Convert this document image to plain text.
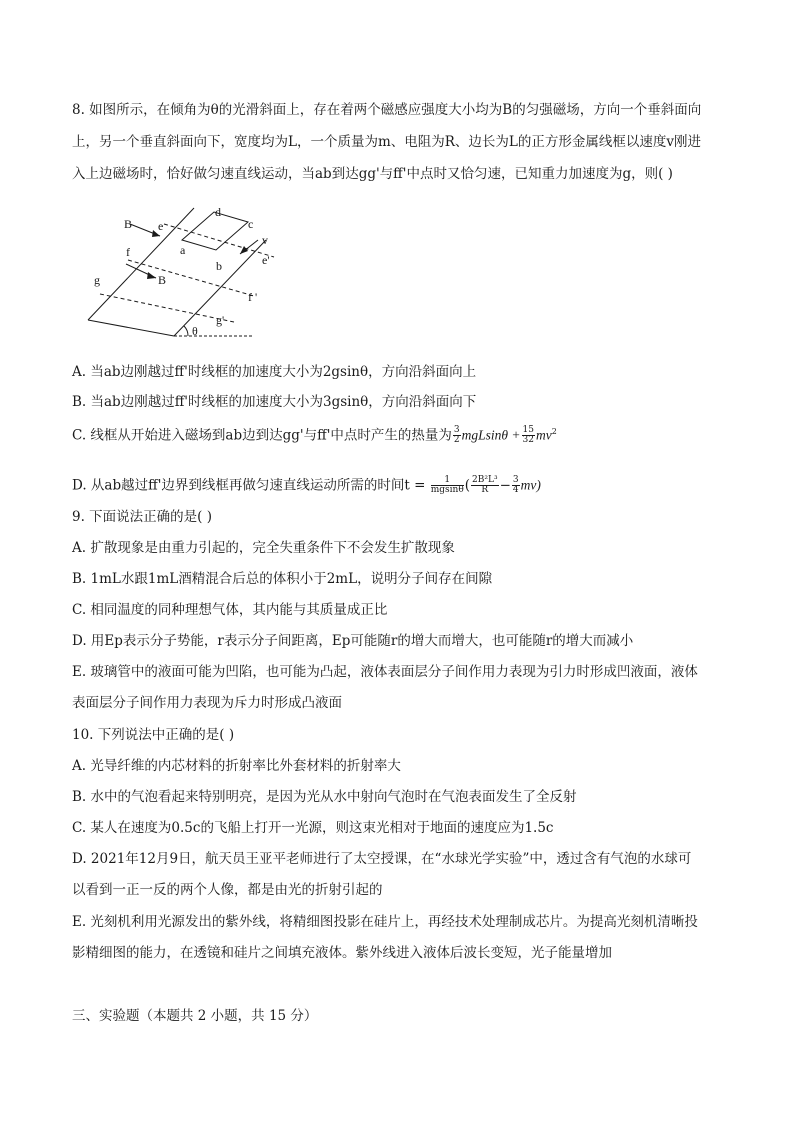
8. 如图所示，在倾角为θ的光滑斜面上，存在着两个磁感应强度大小均为B的匀强磁场，方向一个垂斜面向
上，另一个垂直斜面向下，宽度均为L，一个质量为m、电阻为R、边长为L的正方形金属线框以速度v刚进
入上边磁场时，恰好做匀速直线运动，当ab到达gg'与ff'中点时又恰匀速，已知重力加速度为g，则( )
B e
d
c
v
a
b	e'
f
g	B
f '
g'
θ
A. 当ab边刚越过ff'时线框的加速度大小为2gsinθ，方向沿斜面向上
B. 当ab边刚越过ff'时线框的加速度大小为3gsinθ，方向沿斜面向下
C. 线框从开始进入磁场到ab边到达gg'与ff'中点时产生的热量为 $\frac{3}{2}$ $mgLsin\theta + \frac{15}{32} mv^2$
D. 从ab越过ff'边界到线框再做匀速直线运动所需的时间$t = \frac{1}{mgsin\theta}$ ( $\frac{\text{2B²L³}}{R} - \frac{3}{4} mv$)
9. 下面说法正确的是( )
A. 扩散现象是由重力引起的，完全失重条件下不会发生扩散现象
B. 1mL水跟1mL酒精混合后总的体积小于2mL，说明分子间存在间隙
C. 相同温度的同种理想气体，其内能与其质量成正比
D. 用Ep表示分子势能，r表示分子间距离，Ep可能随r的增大而增大，也可能随r的增大而减小
E. 玻璃管中的液面可能为凹陷，也可能为凸起，液体表面层分子间作用力表现为引力时形成凹液面，液体
表面层分子间作用力表现为斥力时形成凸液面
10. 下列说法中正确的是( )
A. 光导纤维的内芯材料的折射率比外套材料的折射率大
B. 水中的气泡看起来特别明亮，是因为光从水中射向气泡时在气泡表面发生了全反射
C. 某人在速度为0.5c的飞船上打开一光源，则这束光相对于地面的速度应为1.5c
D. 2021年12月9日，航天员王亚平老师进行了太空授课，在“水球光学实验”中，透过含有气泡的水球可
以看到一正一反的两个人像，都是由光的折射引起的
E. 光刻机利用光源发出的紫外线，将精细图投影在硅片上，再经技术处理制成芯片。为提高光刻机清晰投
影精细图的能力，在透镜和硅片之间填充液体。紫外线进入液体后波长变短，光子能量增加
三、实验题（本题共 2 小题，共 15 分）
